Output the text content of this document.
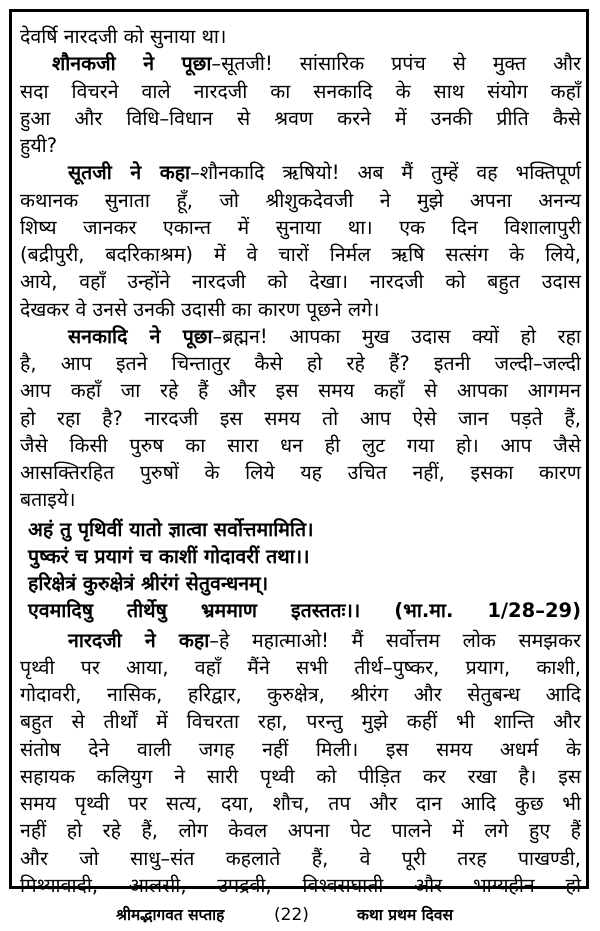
देवर्षि नारदजी को सुनाया था।
शौनकजी ने पूछा–सूतजी! सांसारिक प्रपंच से मुक्त और
सदा विचरने वाले नारदजी का सनकादि के साथ संयोग कहाँ
हुआ और विधि–विधान से श्रवण करने में उनकी प्रीति कैसे
हुयी?
सूतजी ने कहा–शौनकादि ऋषियो! अब मैं तुम्हें वह भक्तिपूर्ण
कथानक सुनाता हूँ, जो श्रीशुकदेवजी ने मुझे अपना अनन्य
शिष्य जानकर एकान्त में सुनाया था। एक दिन विशालापुरी
(बद्रीपुरी, बदरिकाश्रम) में वे चारों निर्मल ऋषि सत्संग के लिये,
आये, वहाँ उन्होंने नारदजी को देखा। नारदजी को बहुत उदास
देखकर वे उनसे उनकी उदासी का कारण पूछने लगे।
सनकादि ने पूछा–ब्रह्मन! आपका मुख उदास क्यों हो रहा
है, आप इतने चिन्तातुर कैसे हो रहे हैं? इतनी जल्दी–जल्दी
आप कहाँ जा रहे हैं और इस समय कहाँ से आपका आगमन
हो रहा है? नारदजी इस समय तो आप ऐसे जान पड़ते हैं,
जैसे किसी पुरुष का सारा धन ही लुट गया हो। आप जैसे
आसक्तिरहित पुरुषों के लिये यह उचित नहीं, इसका कारण
बताइये।
अहं तु पृथिवीं यातो ज्ञात्वा सर्वोत्तमामिति।
पुष्करं च प्रयागं च काशीं गोदावरीं तथा।।
हरिक्षेत्रं कुरुक्षेत्रं श्रीरंगं सेतुवन्धनम्।
एवमादिषु तीर्थेषु भ्रममाण इतस्ततः।। (भा.मा. 1/28–29)
नारदजी ने कहा–हे महात्माओ! मैं सर्वोत्तम लोक समझकर
पृथ्वी पर आया, वहाँ मैंने सभी तीर्थ–पुष्कर, प्रयाग, काशी,
गोदावरी, नासिक, हरिद्वार, कुरुक्षेत्र, श्रीरंग और सेतुबन्ध आदि
बहुत से तीर्थों में विचरता रहा, परन्तु मुझे कहीं भी शान्ति और
संतोष देने वाली जगह नहीं मिली। इस समय अधर्म के
सहायक कलियुग ने सारी पृथ्वी को पीड़ित कर रखा है। इस
समय पृथ्वी पर सत्य, दया, शौच, तप और दान आदि कुछ भी
नहीं हो रहे हैं, लोग केवल अपना पेट पालने में लगे हुए हैं
और जो साधु–संत कहलाते हैं, वे पूरी तरह पाखण्डी,
मिथ्यावादी, आलसी, उपद्रवी, विश्वसघाती और भाग्यहीन हो
श्रीमद्भागवत सप्ताह	(22)	कथा प्रथम दिवस
